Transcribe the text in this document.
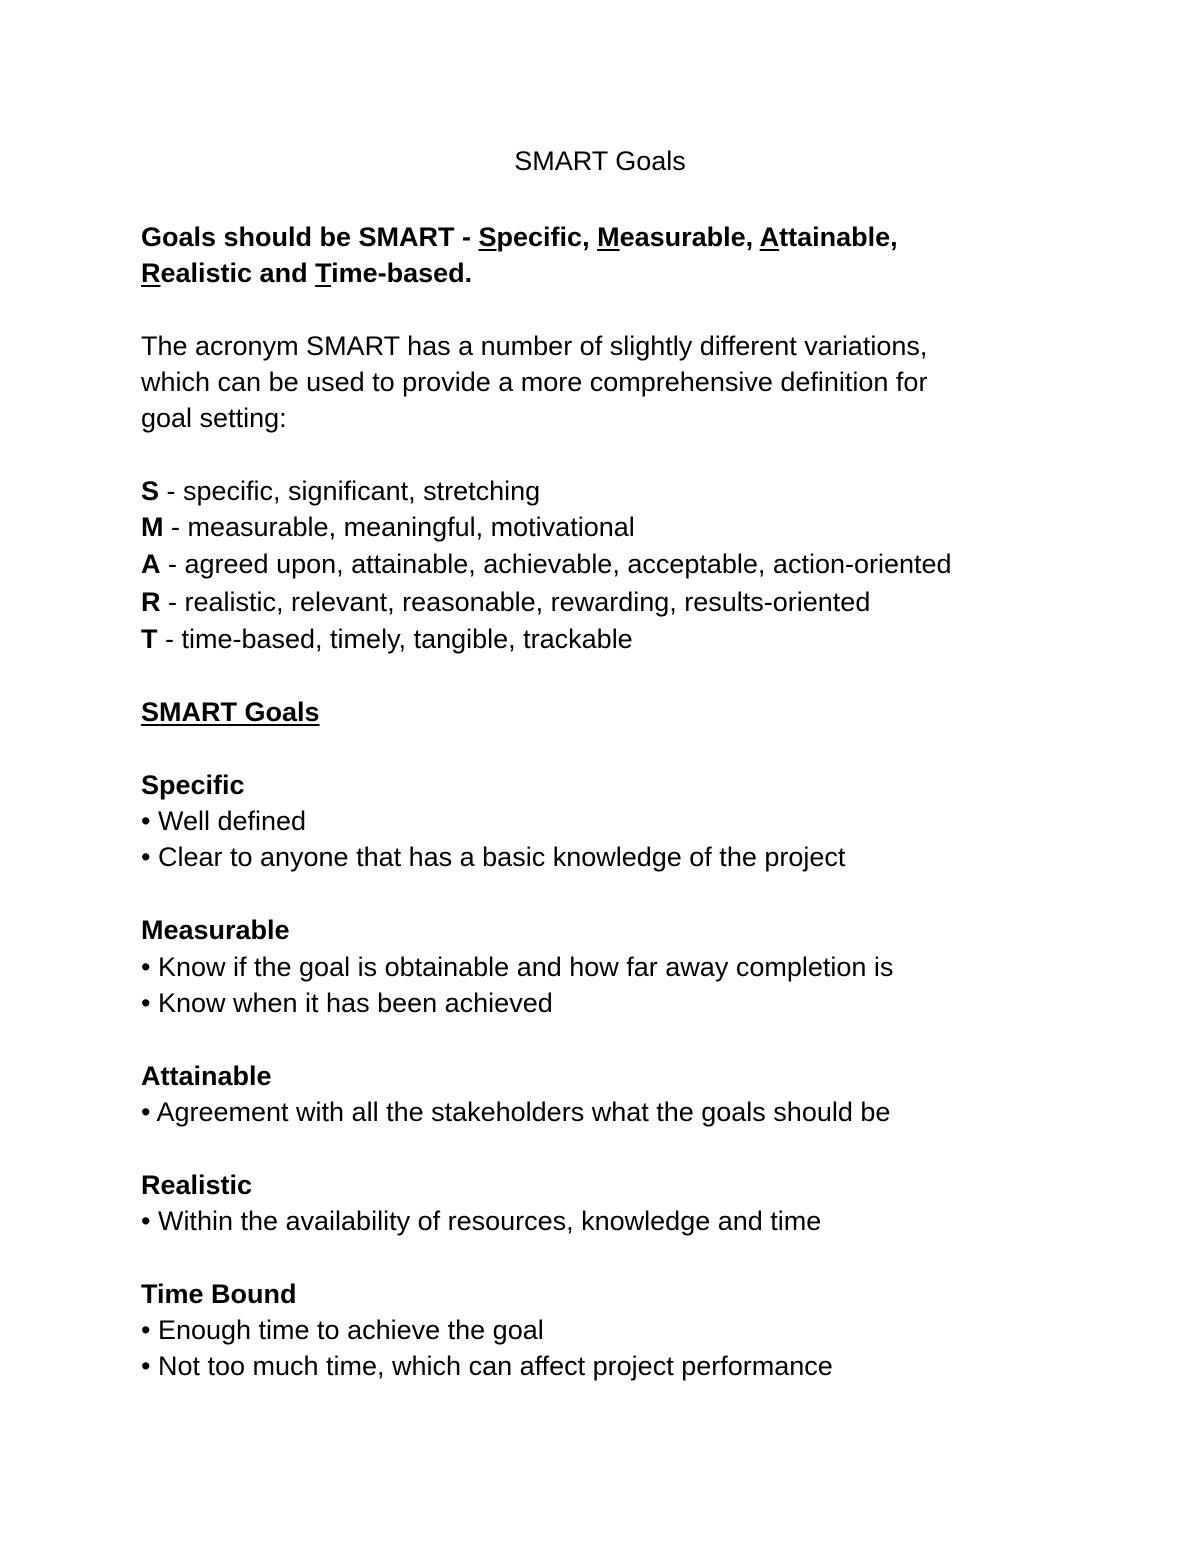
SMART Goals
Goals should be SMART - Specific, Measurable, Attainable,
Realistic and Time-based.
The acronym SMART has a number of slightly different variations,
which can be used to provide a more comprehensive definition for
goal setting:
S - specific, significant, stretching
M - measurable, meaningful, motivational
A - agreed upon, attainable, achievable, acceptable, action-oriented
R - realistic, relevant, reasonable, rewarding, results-oriented
T - time-based, timely, tangible, trackable
SMART Goals
Specific
• Well defined
• Clear to anyone that has a basic knowledge of the project
Measurable
• Know if the goal is obtainable and how far away completion is
• Know when it has been achieved
Attainable
• Agreement with all the stakeholders what the goals should be
Realistic
• Within the availability of resources, knowledge and time
Time Bound
• Enough time to achieve the goal
• Not too much time, which can affect project performance
